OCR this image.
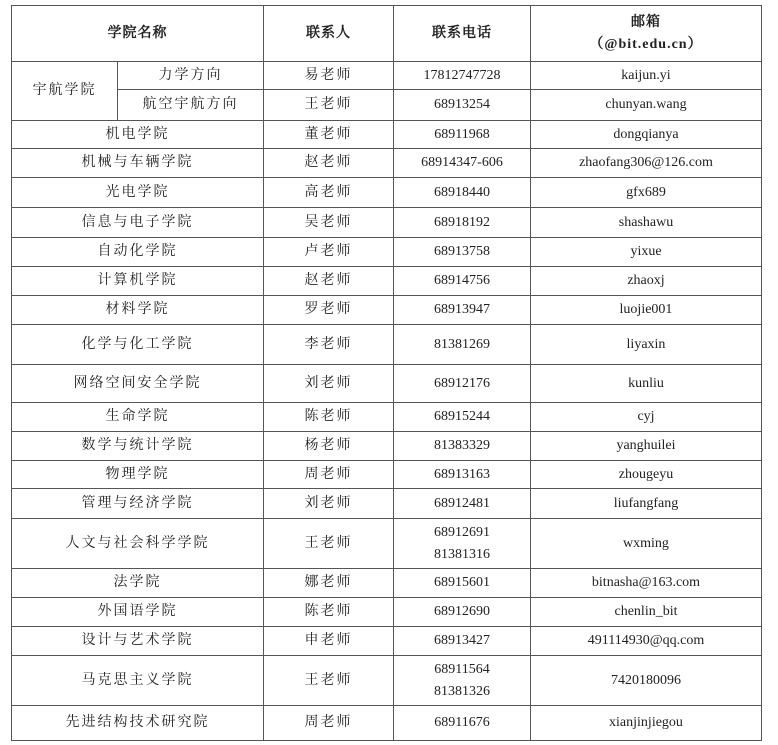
学院名称		联系人	联系电话	邮箱
（@bit.edu.cn）

宇航学院	力学方向	易老师	17812747728	kaijun.yi
	航空宇航方向	王老师	68913254	chunyan.wang
机电学院		董老师	68911968	dongqianya
机械与车辆学院		赵老师	68914347-606	zhaofang306@126.com
光电学院		高老师	68918440	gfx689
信息与电子学院		吴老师	68918192	shashawu
自动化学院		卢老师	68913758	yixue
计算机学院		赵老师	68914756	zhaoxj
材料学院		罗老师	68913947	luojie001
化学与化工学院		李老师	81381269	liyaxin
网络空间安全学院		刘老师	68912176	kunliu
生命学院		陈老师	68915244	cyj
数学与统计学院		杨老师	81383329	yanghuilei
物理学院		周老师	68913163	zhougeyu
管理与经济学院		刘老师	68912481	liufangfang
人文与社会科学学院		王老师	68912691
81381316	wxming
法学院		娜老师	68915601	bitnasha@163.com
外国语学院		陈老师	68912690	chenlin_bit
设计与艺术学院		申老师	68913427	491114930@qq.com
马克思主义学院		王老师	68911564
81381326	7420180096
先进结构技术研究院		周老师	68911676	xianjinjiegou
